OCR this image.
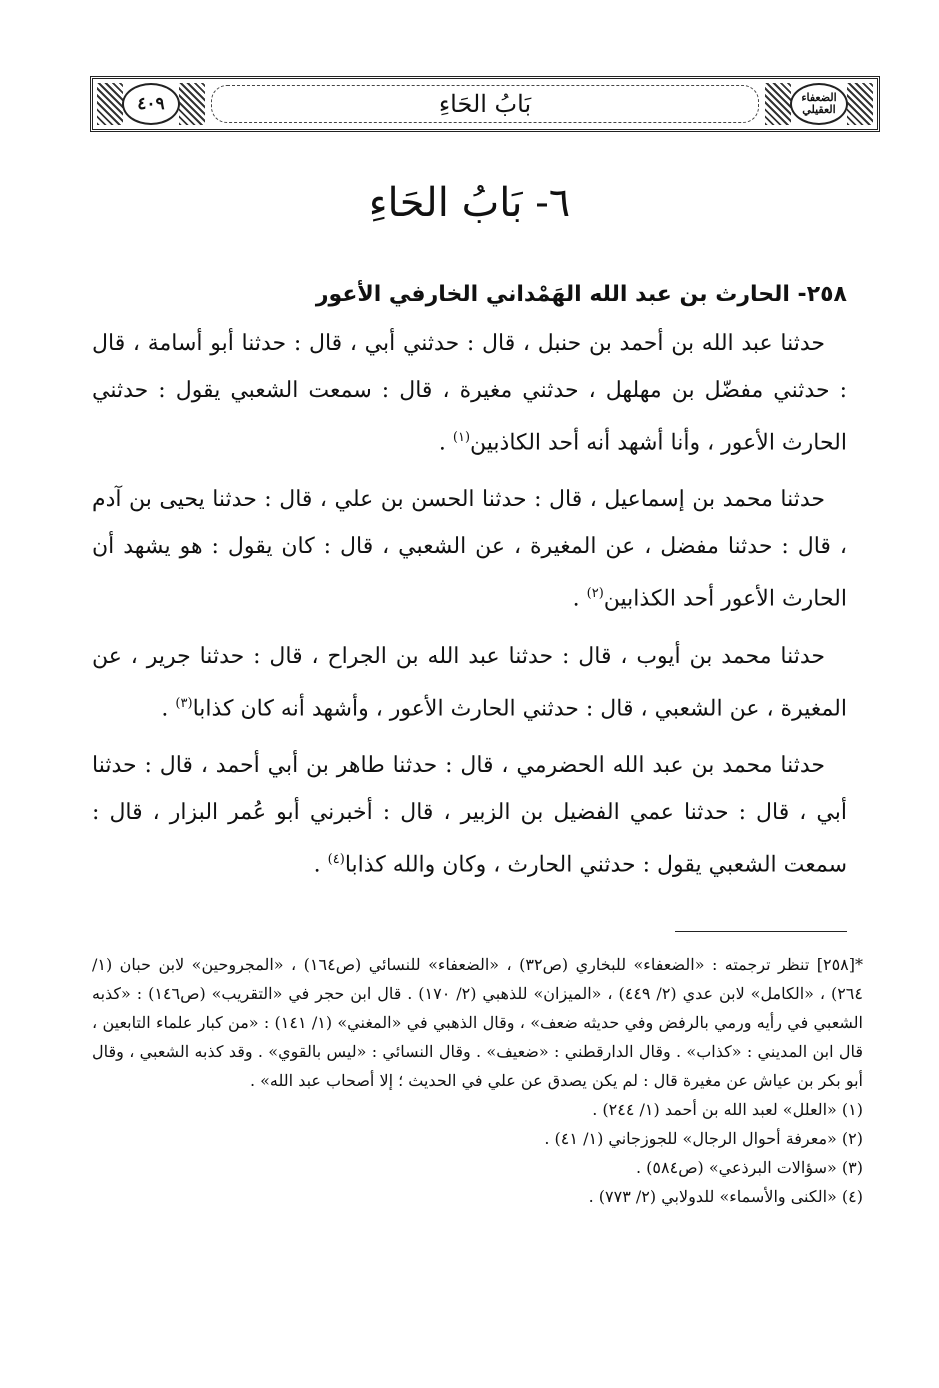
الضعفاء
العقيلي
بَابُ الحَاءِ
٤٠٩
٦- بَابُ الحَاءِ
٢٥٨- الحارث بن عبد الله الهَمْداني الخارفي الأعور

حدثنا عبد الله بن أحمد بن حنبل ، قال : حدثني أبي ، قال : حدثنا أبو أسامة ، قال : حدثني مفضّل بن مهلهل ، حدثني مغيرة ، قال : سمعت الشعبي يقول : حدثني الحارث الأعور ، وأنا أشهد أنه أحد الكاذبين$^{(١)}$ .

حدثنا محمد بن إسماعيل ، قال : حدثنا الحسن بن علي ، قال : حدثنا يحيى بن آدم ، قال : حدثنا مفضل ، عن المغيرة ، عن الشعبي ، قال : كان يقول : هو يشهد أن الحارث الأعور أحد الكذابين$^{(٢)}$ .

حدثنا محمد بن أيوب ، قال : حدثنا عبد الله بن الجراح ، قال : حدثنا جرير ، عن المغيرة ، عن الشعبي ، قال : حدثني الحارث الأعور ، وأشهد أنه كان كذابا$^{(٣)}$ .

حدثنا محمد بن عبد الله الحضرمي ، قال : حدثنا طاهر بن أبي أحمد ، قال : حدثنا أبي ، قال : حدثنا عمي الفضيل بن الزبير ، قال : أخبرني أبو عُمر البزار ، قال : سمعت الشعبي يقول : حدثني الحارث ، وكان والله كذابا$^{(٤)}$ .

*[٢٥٨] تنظر ترجمته : «الضعفاء» للبخاري (ص٣٢) ، «الضعفاء» للنسائي (ص١٦٤) ، «المجروحين» لابن حبان (١/ ٢٦٤) ، «الكامل» لابن عدي (٢/ ٤٤٩) ، «الميزان» للذهبي (٢/ ١٧٠) . قال ابن حجر في «التقريب» (ص١٤٦) : «كذبه الشعبي في رأيه ورمي بالرفض وفي حديثه ضعف» ، وقال الذهبي في «المغني» (١/ ١٤١) : «من كبار علماء التابعين ، قال ابن المديني : «كذاب» . وقال الدارقطني : «ضعيف» . وقال النسائي : «ليس بالقوي» . وقد كذبه الشعبي ، وقال أبو بكر بن عياش عن مغيرة قال : لم يكن يصدق عن علي في الحديث ؛ إلا أصحاب عبد الله» .

(١) «العلل» لعبد الله بن أحمد (١/ ٢٤٤) .

(٢) «معرفة أحوال الرجال» للجوزجاني (١/ ٤١) .

(٣) «سؤالات البرذعي» (ص٥٨٤) .

(٤) «الكنى والأسماء» للدولابي (٢/ ٧٧٣) .
